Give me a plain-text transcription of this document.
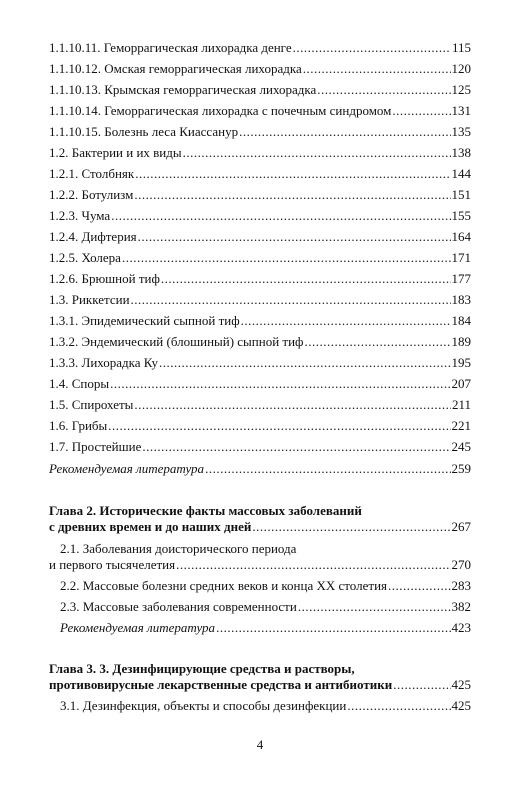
1.1.10.11. Геморрагическая лихорадка денге .....	115
1.1.10.12. Омская геморрагическая лихорадка .....	120
1.1.10.13. Крымская геморрагическая лихорадка .....	125
1.1.10.14. Геморрагическая лихорадка с почечным синдромом .....	131
1.1.10.15. Болезнь леса Киассанур .....	135
1.2. Бактерии и их виды .....	138
1.2.1. Столбняк .....	144
1.2.2. Ботулизм .....	151
1.2.3. Чума .....	155
1.2.4. Дифтерия .....	164
1.2.5. Холера .....	171
1.2.6. Брюшной тиф .....	177
1.3. Риккетсии .....	183
1.3.1. Эпидемический сыпной тиф .....	184
1.3.2. Эндемический (блошиный) сыпной тиф .....	189
1.3.3. Лихорадка Ку .....	195
1.4. Споры .....	207
1.5. Спирохеты .....	211
1.6. Грибы .....	221
1.7. Простейшие .....	245
Рекомендуемая литература .....	259
Глава 2. Исторические факты массовых заболеваний
с древних времен и до наших дней .....	267
2.1. Заболевания доисторического периода
и первого тысячелетия .....	270
2.2. Массовые болезни средних веков и конца XX столетия .....	283
2.3. Массовые заболевания современности .....	382
Рекомендуемая литература .....	423
Глава 3. 3. Дезинфицирующие средства и растворы,
противовирусные лекарственные средства и антибиотики .....	425
3.1. Дезинфекция, объекты и способы дезинфекции .....	425
4
